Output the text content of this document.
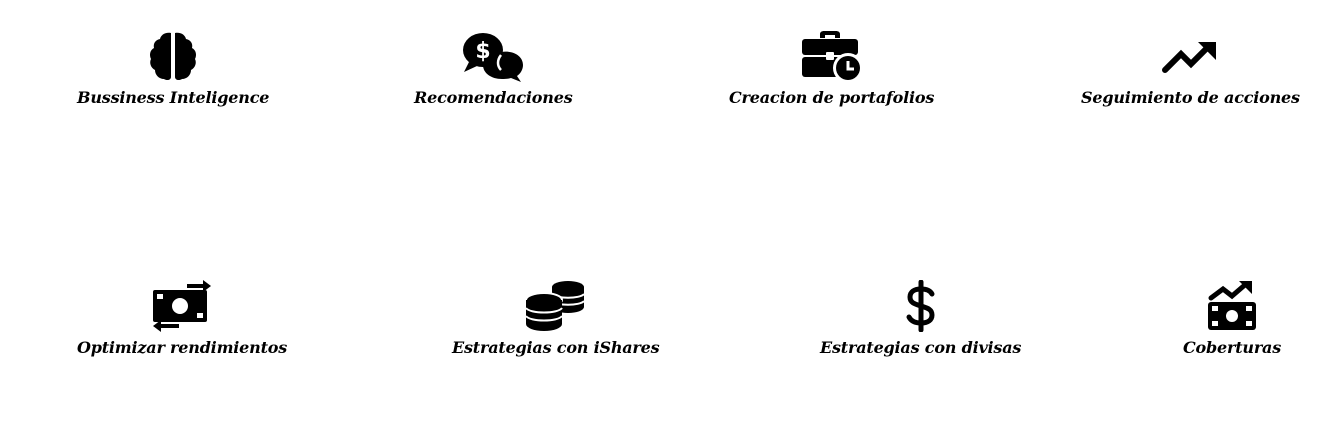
Bussiness Inteligence
$
Recomendaciones	Creacion de portafolios	Seguimiento de acciones
Optimizar rendimientos	Estrategias con iShares	Estrategias con divisas	Coberturas
